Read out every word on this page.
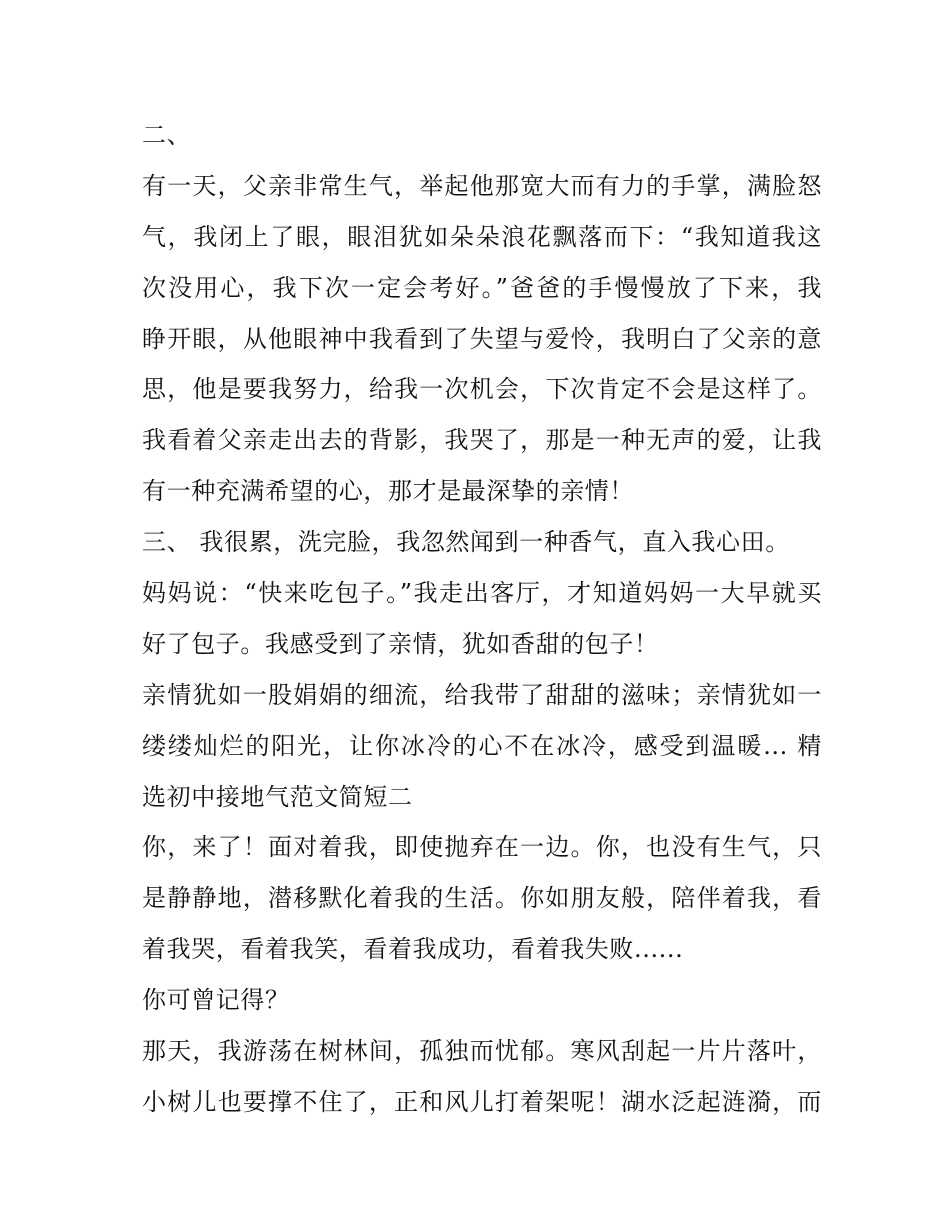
二、
有一天，父亲非常生气，举起他那宽大而有力的手掌，满脸怒
气，我闭上了眼，眼泪犹如朵朵浪花飘落而下：“我知道我这
次没用心，我下次一定会考好。”爸爸的手慢慢放了下来，我
睁开眼，从他眼神中我看到了失望与爱怜，我明白了父亲的意
思，他是要我努力，给我一次机会，下次肯定不会是这样了。
我看着父亲走出去的背影，我哭了，那是一种无声的爱，让我
有一种充满希望的心，那才是最深挚的亲情！
三、 我很累，洗完脸，我忽然闻到一种香气，直入我心田。
妈妈说：“快来吃包子。”我走出客厅，才知道妈妈一大早就买
好了包子。我感受到了亲情，犹如香甜的包子！
亲情犹如一股娟娟的细流，给我带了甜甜的滋味；亲情犹如一
缕缕灿烂的阳光，让你冰冷的心不在冰冷，感受到温暖... 精
选初中接地气范文简短二
你，来了！面对着我，即使抛弃在一边。你，也没有生气，只
是静静地，潜移默化着我的生活。你如朋友般，陪伴着我，看
着我哭，看着我笑，看着我成功，看着我失败......
你可曾记得？
那天，我游荡在树林间，孤独而忧郁。寒风刮起一片片落叶，
小树儿也要撑不住了，正和风儿打着架呢！湖水泛起涟漪，而
